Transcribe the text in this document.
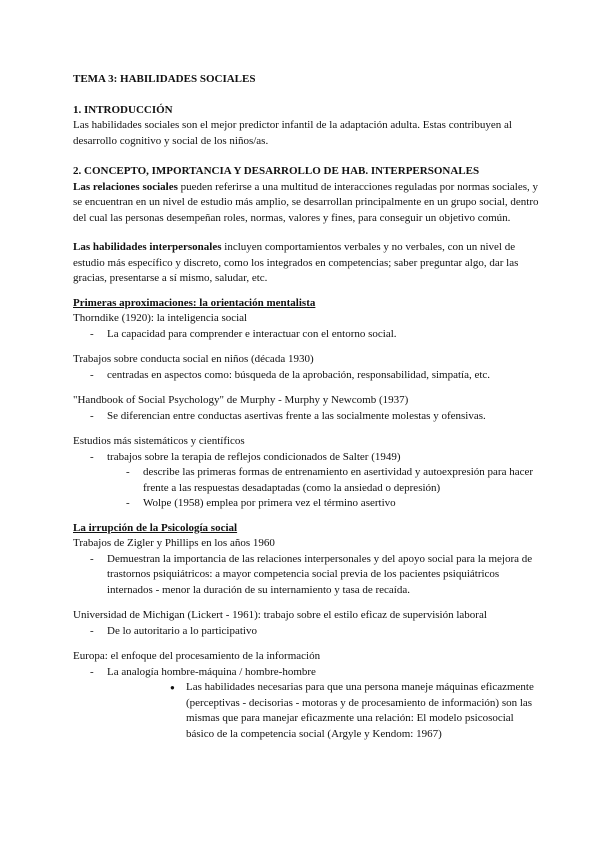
TEMA 3: HABILIDADES SOCIALES

1. INTRODUCCIÓN

Las habilidades sociales son el mejor predictor infantil de la adaptación adulta. Estas contribuyen al desarrollo cognitivo y social de los niños/as.

2. CONCEPTO, IMPORTANCIA Y DESARROLLO DE HAB. INTERPERSONALES

Las relaciones sociales pueden referirse a una multitud de interacciones reguladas por normas sociales, y se encuentran en un nivel de estudio más amplio, se desarrollan principalmente en un grupo social, dentro del cual las personas desempeñan roles, normas, valores y fines, para conseguir un objetivo común.

Las habilidades interpersonales incluyen comportamientos verbales y no verbales, con un nivel de estudio más específico y discreto, como los integrados en competencias; saber preguntar algo, dar las gracias, presentarse a sí mismo, saludar, etc.

Primeras aproximaciones: la orientación mentalista

Thorndike (1920): la inteligencia social

- La capacidad para comprender e interactuar con el entorno social.

Trabajos sobre conducta social en niños (década 1930)

- centradas en aspectos como: búsqueda de la aprobación, responsabilidad, simpatía, etc.

"Handbook of Social Psychology" de Murphy - Murphy y Newcomb (1937)

- Se diferencian entre conductas asertivas frente a las socialmente molestas y ofensivas.

Estudios más sistemáticos y científicos

- trabajos sobre la terapia de reflejos condicionados de Salter (1949)
- describe las primeras formas de entrenamiento en asertividad y autoexpresión para hacer frente a las respuestas desadaptadas (como la ansiedad o depresión)
- Wolpe (1958) emplea por primera vez el término asertivo

La irrupción de la Psicología social

Trabajos de Zigler y Phillips en los años 1960

- Demuestran la importancia de las relaciones interpersonales y del apoyo social para la mejora de trastornos psiquiátricos: a mayor competencia social previa de los pacientes psiquiátricos internados - menor la duración de su internamiento y tasa de recaída.

Universidad de Michigan (Lickert - 1961): trabajo sobre el estilo eficaz de supervisión laboral

- De lo autoritario a lo participativo

Europa: el enfoque del procesamiento de la información

- La analogía hombre-máquina / hombre-hombre
● Las habilidades necesarias para que una persona maneje máquinas eficazmente (perceptivas - decisorias - motoras y de procesamiento de información) son las mismas que para manejar eficazmente una relación: El modelo psicosocial básico de la competencia social (Argyle y Kendom: 1967)
